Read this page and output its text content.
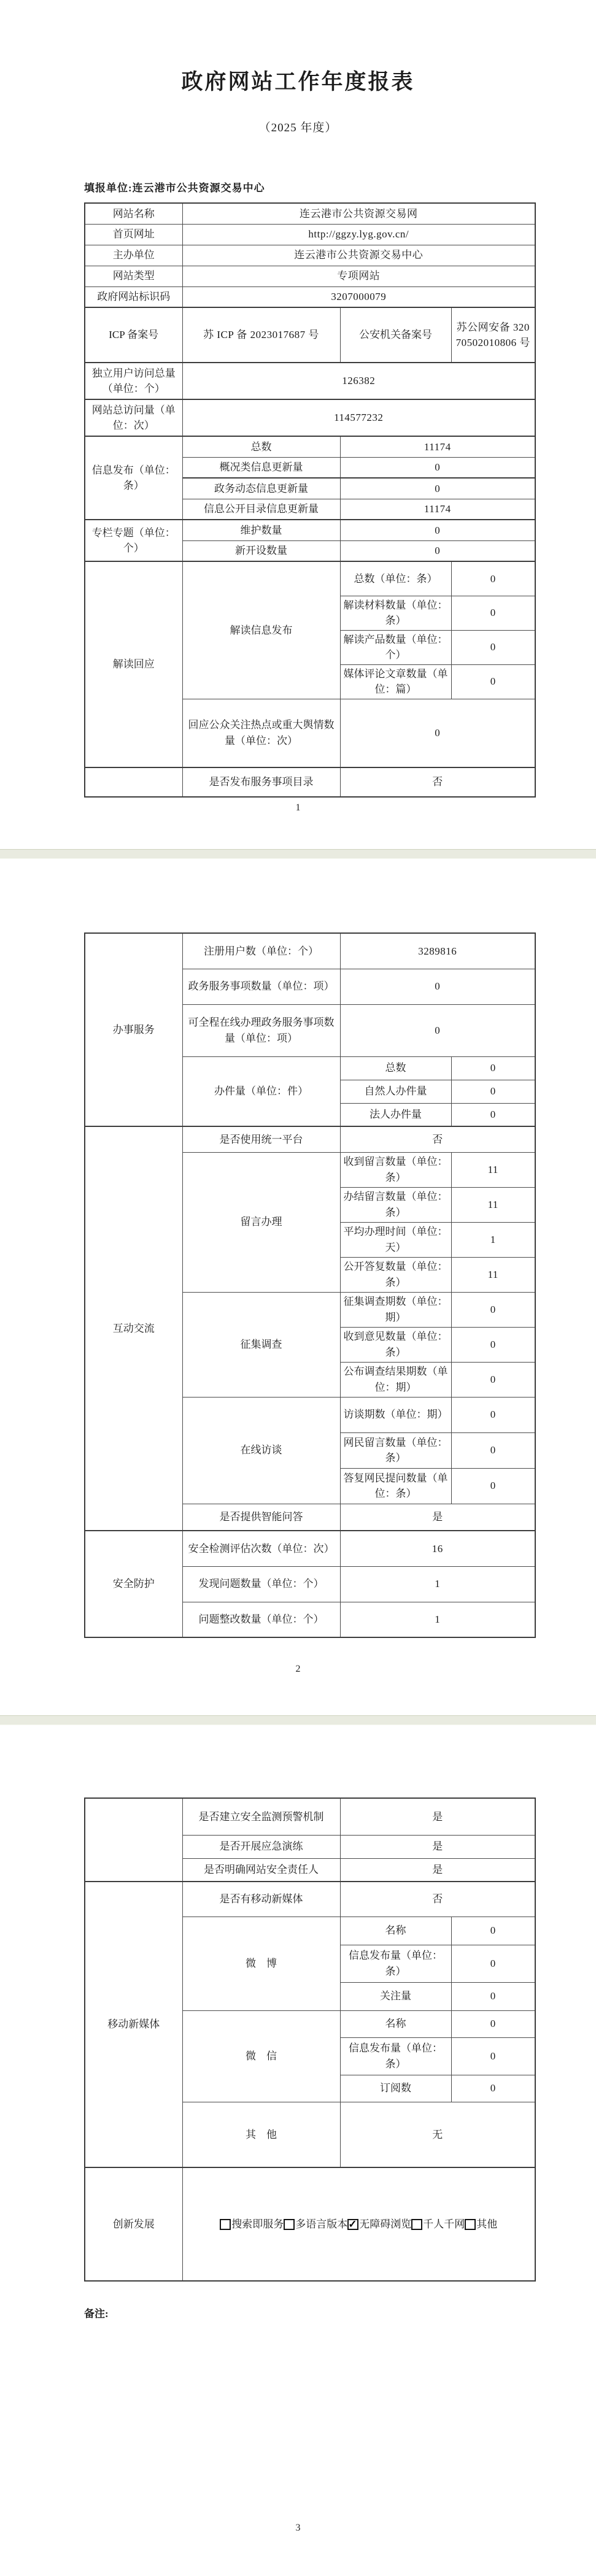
政府网站工作年度报表
（2025 年度）
填报单位:连云港市公共资源交易中心
网站名称	连云港市公共资源交易网		
首页网址	http://ggzy.lyg.gov.cn/		
主办单位	连云港市公共资源交易中心		
网站类型	专项网站		
政府网站标识码	3207000079		
ICP 备案号	苏 ICP 备 2023017687 号	公安机关备案号	苏公网安备 32070502010806 号
独立用户访问总量（单位：个）	126382		
网站总访问量（单位：次）	114577232		
信息发布（单位：条）	总数	11174	
	概况类信息更新量	0	
	政务动态信息更新量	0	
	信息公开目录信息更新量	11174	
专栏专题（单位：个）	维护数量	0	
	新开设数量	0	
解读回应	解读信息发布	总数（单位：条）	0
		解读材料数量（单位：条）	0
		解读产品数量（单位：个）	0
		媒体评论文章数量（单位：篇）	0
	回应公众关注热点或重大舆情数量（单位：次）	0	
	是否发布服务事项目录	否	
1
办事服务	注册用户数（单位：个）	3289816	
	政务服务事项数量（单位：项）	0	
	可全程在线办理政务服务事项数量（单位：项）	0	
	办件量（单位：件）	总数	0
		自然人办件量	0
		法人办件量	0
互动交流	是否使用统一平台	否	
	留言办理	收到留言数量（单位：条）	11
		办结留言数量（单位：条）	11
		平均办理时间（单位：天）	1
		公开答复数量（单位：条）	11
	征集调查	征集调查期数（单位：期）	0
		收到意见数量（单位：条）	0
		公布调查结果期数（单位：期）	0
	在线访谈	访谈期数（单位：期）	0
		网民留言数量（单位：条）	0
		答复网民提问数量（单位：条）	0
	是否提供智能问答	是	
安全防护	安全检测评估次数（单位：次）	16	
	发现问题数量（单位：个）	1	
	问题整改数量（单位：个）	1	
2
	是否建立安全监测预警机制	是	
	是否开展应急演练	是	
	是否明确网站安全责任人	是	
移动新媒体	是否有移动新媒体	否	
	微　博	名称	0
		信息发布量（单位：条）	0
		关注量	0
	微　信	名称	0
		信息发布量（单位：条）	0
		订阅数	0
	其　他	无	
创新发展	搜索即服务 多语言版本 ✓ 无障碍浏览 千人千网 其他
备注:
3
